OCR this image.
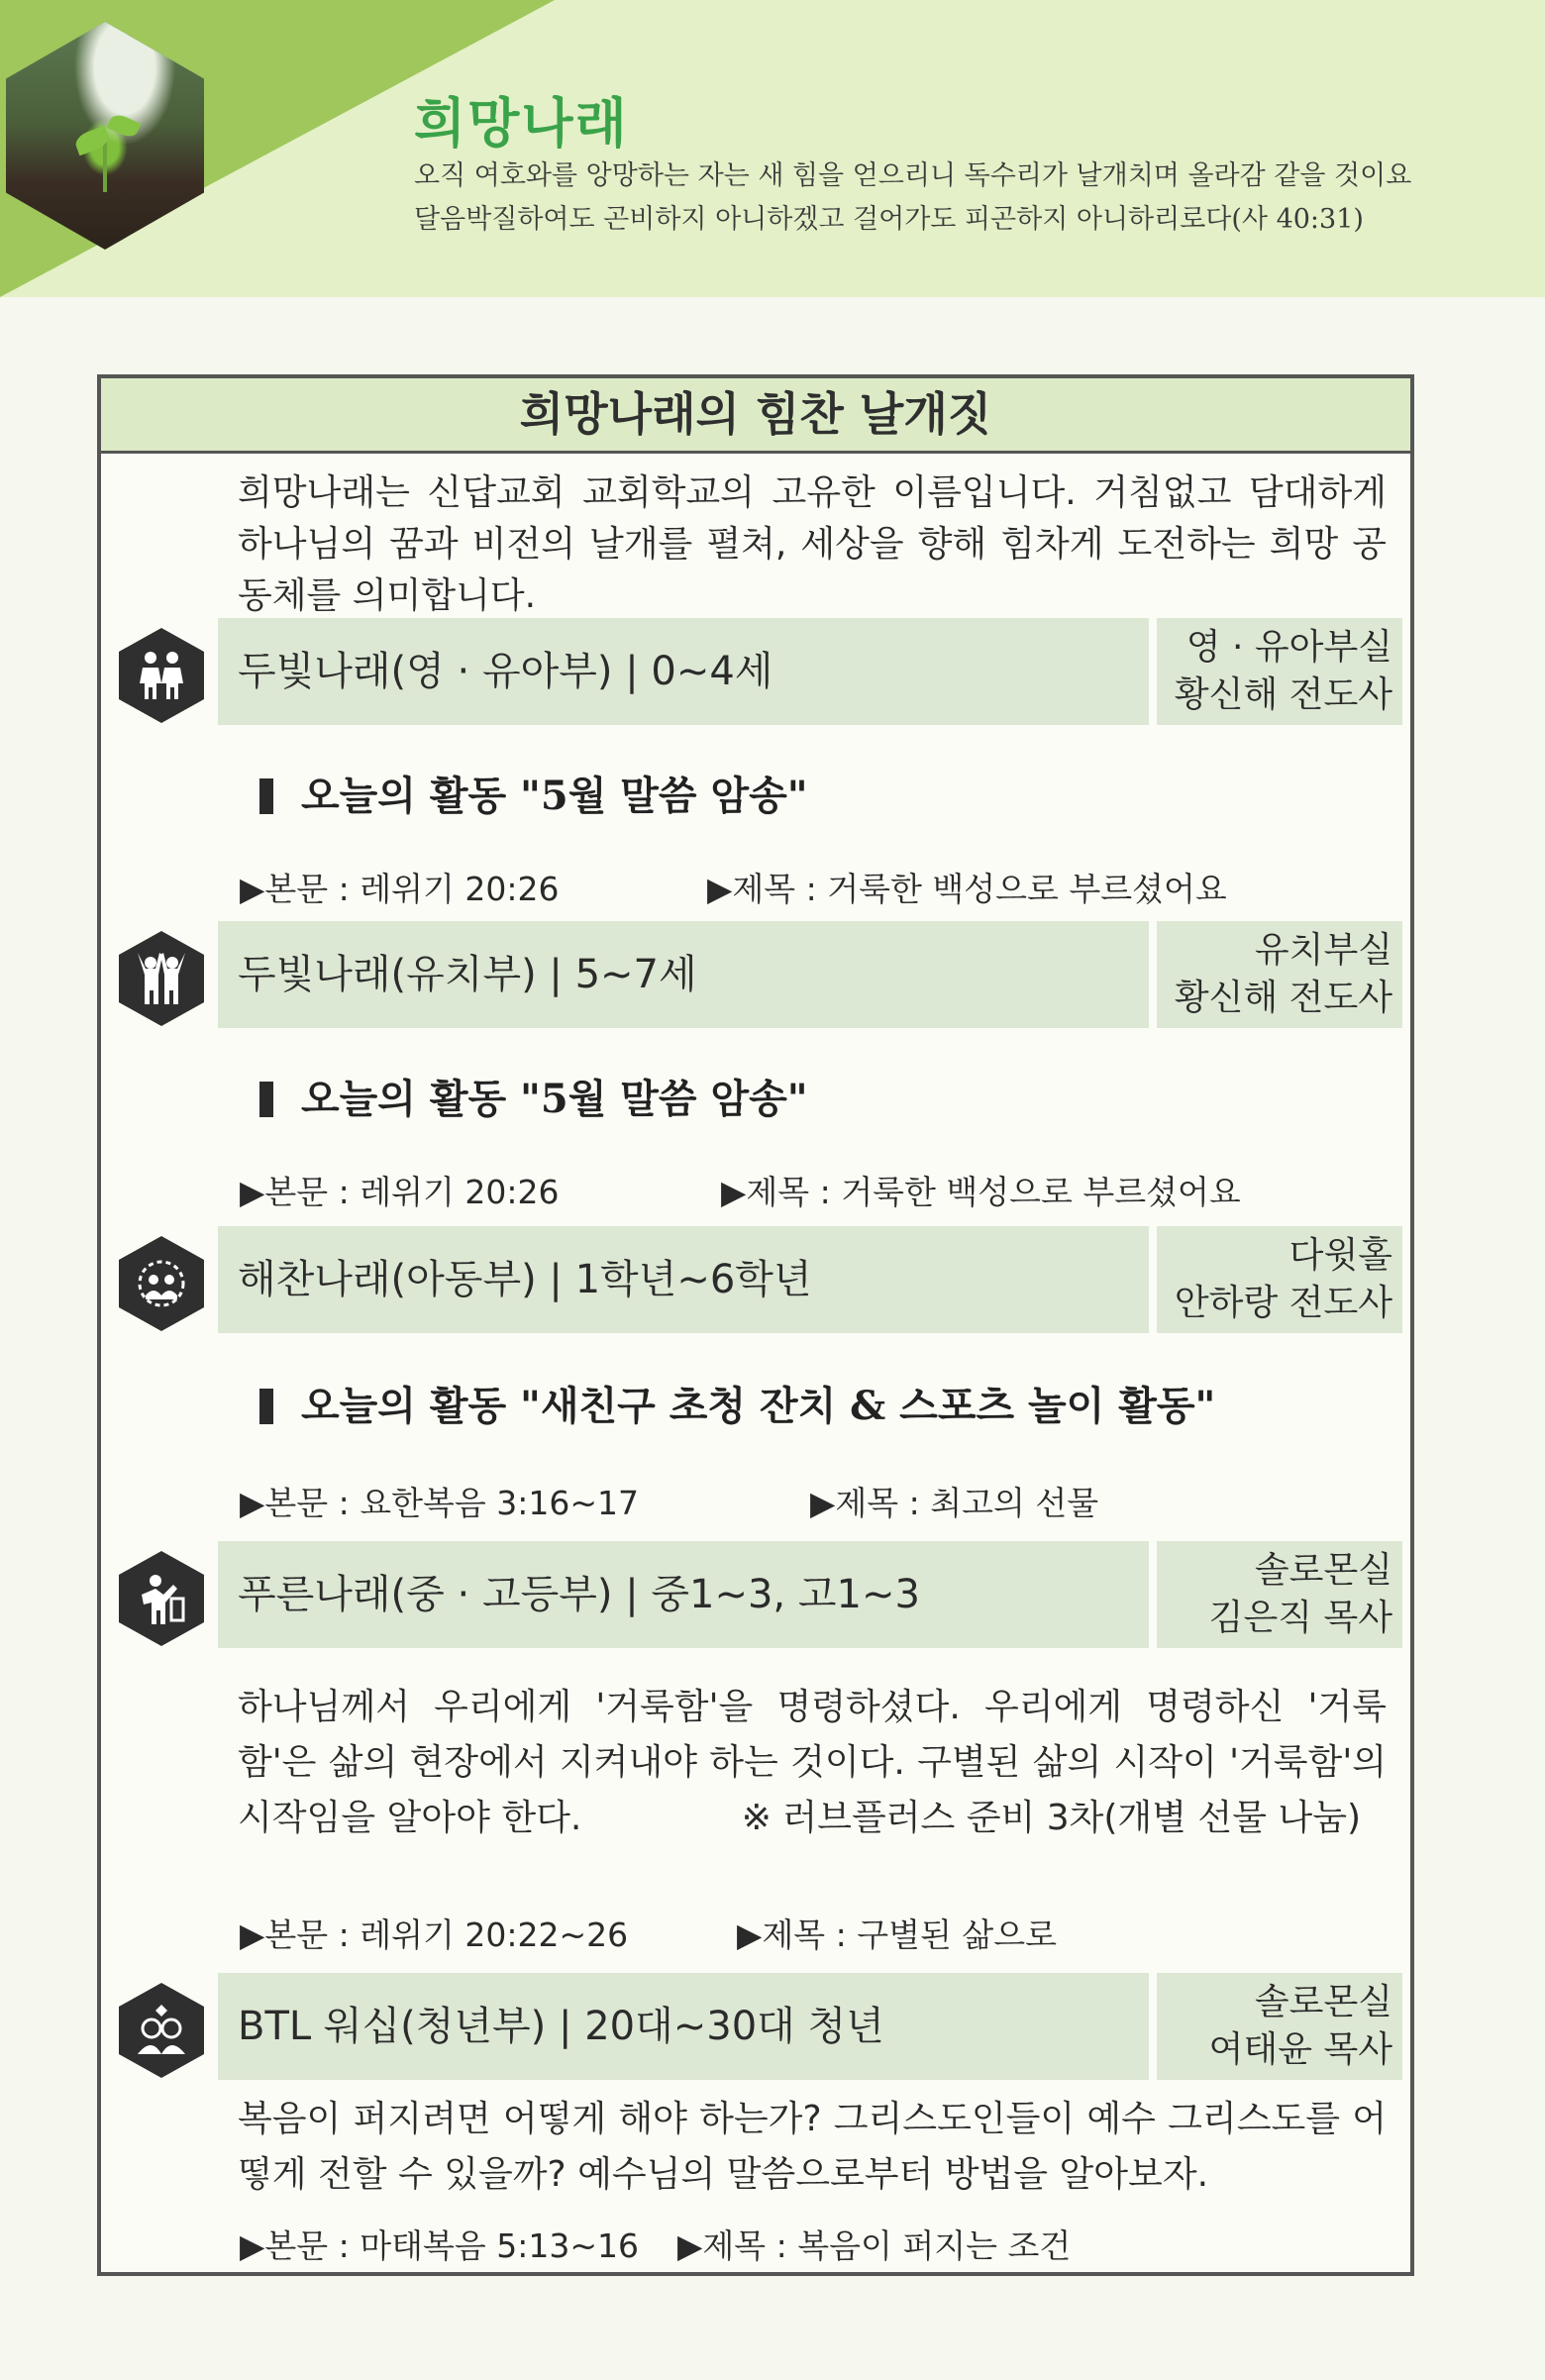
희망나래
오직 여호와를 앙망하는 자는 새 힘을 얻으리니 독수리가 날개치며 올라감 같을 것이요 달음박질하여도 곤비하지 아니하겠고 걸어가도 피곤하지 아니하리로다(사 40:31)
희망나래의 힘찬 날개짓
희망나래는 신답교회 교회학교의 고유한 이름입니다. 거침없고 담대하게 하나님의 꿈과 비전의 날개를 펼쳐, 세상을 향해 힘차게 도전하는 희망 공동체를 의미합니다.
두빛나래(영 · 유아부) | 0~4세
영 · 유아부실
황신해 전도사
오늘의 활동 "5월 말씀 암송"
▶본문 : 레위기 20:26	▶제목 : 거룩한 백성으로 부르셨어요
두빛나래(유치부) | 5~7세
유치부실
황신해 전도사
오늘의 활동 "5월 말씀 암송"
▶본문 : 레위기 20:26	▶제목 : 거룩한 백성으로 부르셨어요
해찬나래(아동부) | 1학년~6학년
다윗홀
안하랑 전도사
오늘의 활동 "새친구 초청 잔치 & 스포츠 놀이 활동"
▶본문 : 요한복음 3:16~17	▶제목 : 최고의 선물
푸른나래(중 · 고등부) | 중1~3, 고1~3
솔로몬실
김은직 목사
하나님께서 우리에게 '거룩함'을 명령하셨다. 우리에게 명령하신 '거룩함'은 삶의 현장에서 지켜내야 하는 것이다. 구별된 삶의 시작이 '거룩함'의 시작임을 알아야 한다.	※ 러브플러스 준비 3차(개별 선물 나눔)
▶본문 : 레위기 20:22~26	▶제목 : 구별된 삶으로
BTL 워십(청년부) | 20대~30대 청년
솔로몬실
여태윤 목사
복음이 퍼지려면 어떻게 해야 하는가? 그리스도인들이 예수 그리스도를 어떻게 전할 수 있을까? 예수님의 말씀으로부터 방법을 알아보자.
▶본문 : 마태복음 5:13~16 ▶제목 : 복음이 퍼지는 조건
